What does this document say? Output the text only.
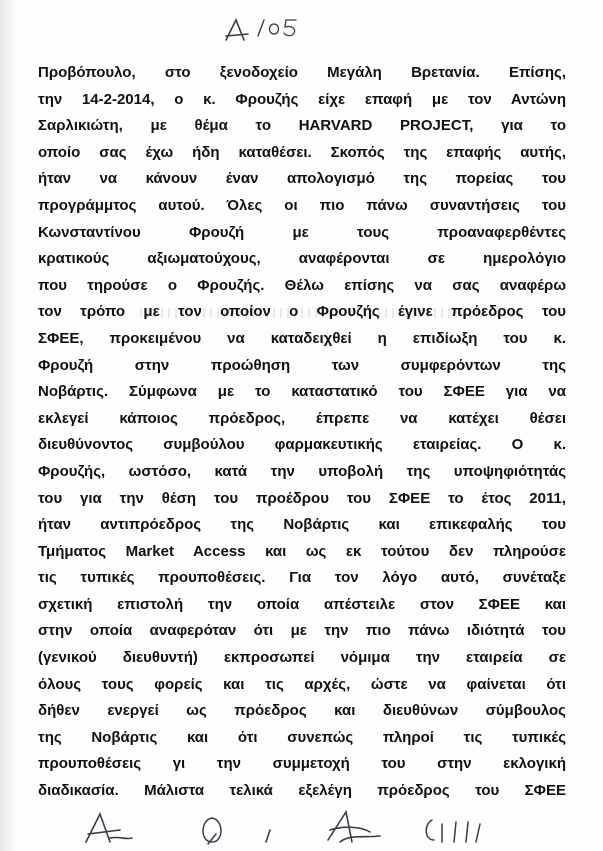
Προβόπουλο, στο ξενοδοχείο Μεγάλη Βρετανία. Επίσης,
την 14-2-2014, ο κ. Φρουζής είχε επαφή με τον Αντώνη
Σαρλικιώτη, με θέμα το HARVARD PROJECT, για το
οποίο σας έχω ήδη καταθέσει. Σκοπός της επαφής αυτής,
ήταν να κάνουν έναν απολογισμό της πορείας του
προγράμμτος αυτού. Όλες οι πιο πάνω συναντήσεις του
Κωνσταντίνου Φρουζή με τους προαναφερθέντες
κρατικούς αξιωματούχους, αναφέρονται σε ημερολόγιο
που τηρούσε ο Φρουζής. Θέλω επίσης να σας αναφέρω
τον τρόπο με τον οποίον ο Φρουζής έγινε πρόεδρος του
ΣΦΕΕ, προκειμένου να καταδειχθεί η επιδίωξη του κ.
Φρουζή στην προώθηση των συμφερόντων της
Νοβάρτις. Σύμφωνα με το καταστατικό του ΣΦΕΕ για να
εκλεγεί κάποιος πρόεδρος, έπρεπε να κατέχει θέσει
διευθύνοντος συμβούλου φαρμακευτικής εταιρείας. Ο κ.
Φρουζής, ωστόσο, κατά την υποβολή της υποψηφιότητάς
του για την θέση του προέδρου του ΣΦΕΕ το έτος 2011,
ήταν αντιπρόεδρος της Νοβάρτις και επικεφαλής του
Τμήματος Market Access και ως εκ τούτου δεν πληρούσε
τις τυπικές προυποθέσεις. Για τον λόγο αυτό, συνέταξε
σχετική επιστολή την οποία απέστειλε στον ΣΦΕΕ και
στην οποία αναφερόταν ότι με την πιο πάνω ιδιότητά του
(γενικού διευθυντή) εκπροσωπεί νόμιμα την εταιρεία σε
όλους τους φορείς και τις αρχές, ώστε να φαίνεται ότι
δήθεν ενεργεί ως πρόεδρος και διευθύνων σύμβουλος
της Νοβάρτις και ότι συνεπώς πληροί τις τυπικές
προυποθέσεις γι την συμμετοχή του στην εκλογική
διαδικασία. Μάλιστα τελικά εξελέγη πρόεδρος του ΣΦΕΕ
